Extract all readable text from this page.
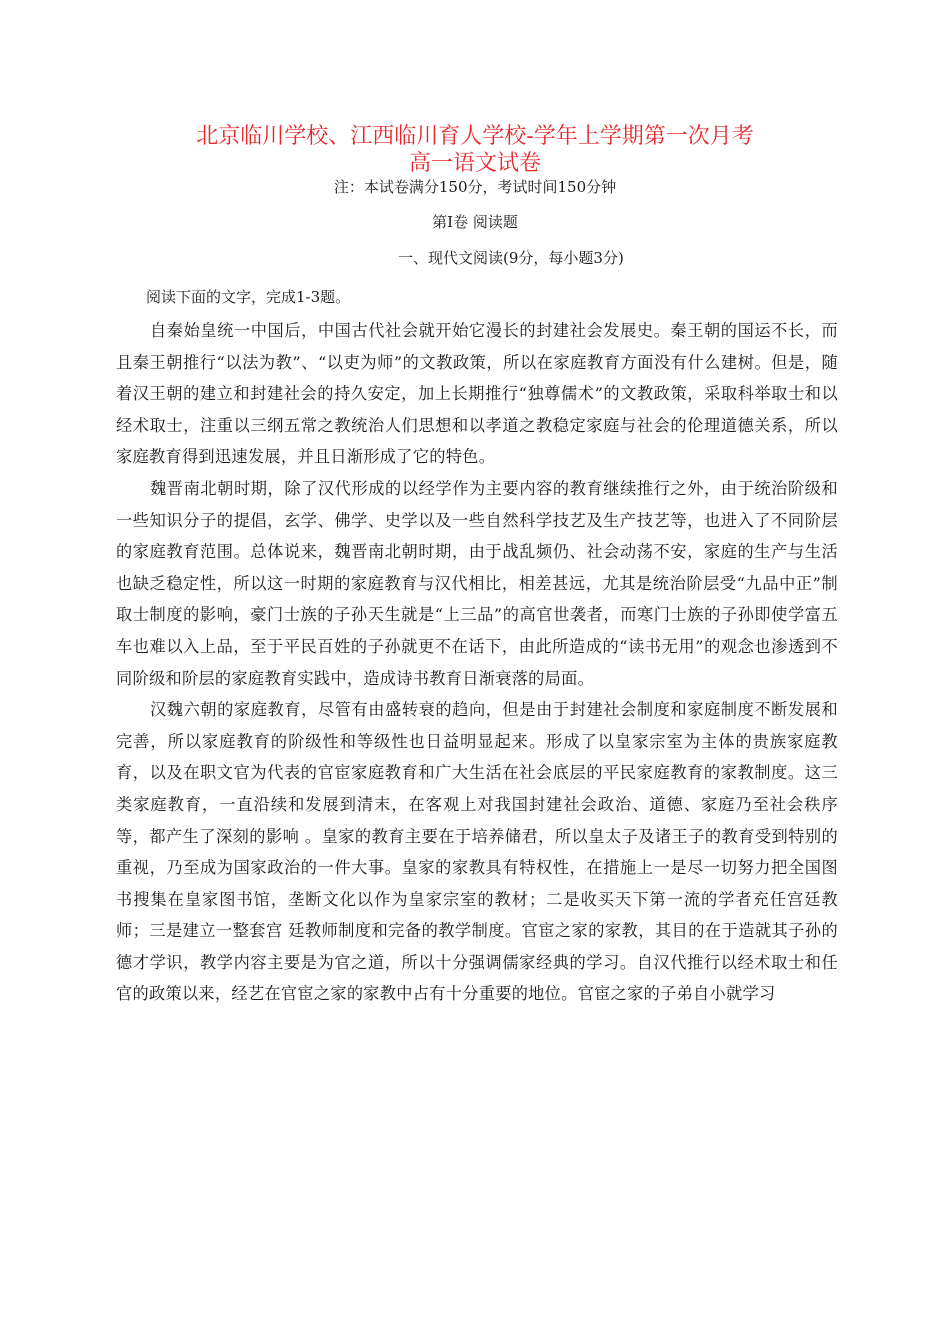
北京临川学校、江西临川育人学校-学年上学期第一次月考
高一语文试卷
注：本试卷满分150分，考试时间150分钟
第Ⅰ卷 阅读题
一、现代文阅读(9分，每小题3分)
阅读下面的文字，完成1-3题。

自秦始皇统一中国后，中国古代社会就开始它漫长的封建社会发展史。秦王朝的国运不长，而且秦王朝推行“以法为教”、“以吏为师”的文教政策，所以在家庭教育方面没有什么建树。但是，随着汉王朝的建立和封建社会的持久安定，加上长期推行“独尊儒术”的文教政策，采取科举取士和以经术取士，注重以三纲五常之教统治人们思想和以孝道之教稳定家庭与社会的伦理道德关系，所以家庭教育得到迅速发展，并且日渐形成了它的特色。

魏晋南北朝时期，除了汉代形成的以经学作为主要内容的教育继续推行之外，由于统治阶级和一些知识分子的提倡，玄学、佛学、史学以及一些自然科学技艺及生产技艺等，也进入了不同阶层的家庭教育范围。总体说来，魏晋南北朝时期，由于战乱频仍、社会动荡不安，家庭的生产与生活也缺乏稳定性，所以这一时期的家庭教育与汉代相比，相差甚远，尤其是统治阶层受“九品中正”制取士制度的影响，豪门士族的子孙天生就是“上三品”的高官世袭者，而寒门士族的子孙即使学富五车也难以入上品，至于平民百姓的子孙就更不在话下，由此所造成的“读书无用”的观念也渗透到不同阶级和阶层的家庭教育实践中，造成诗书教育日渐衰落的局面。

汉魏六朝的家庭教育，尽管有由盛转衰的趋向，但是由于封建社会制度和家庭制度不断发展和完善，所以家庭教育的阶级性和等级性也日益明显起来。形成了以皇家宗室为主体的贵族家庭教育，以及在职文官为代表的官宦家庭教育和广大生活在社会底层的平民家庭教育的家教制度。这三类家庭教育，一直沿续和发展到清末，在客观上对我国封建社会政治、道德、家庭乃至社会秩序等，都产生了深刻的影响 。皇家的教育主要在于培养储君，所以皇太子及诸王子的教育受到特别的重视，乃至成为国家政治的一件大事。皇家的家教具有特权性，在措施上一是尽一切努力把全国图书搜集在皇家图书馆，垄断文化以作为皇家宗室的教材；二是收买天下第一流的学者充任宫廷教师；三是建立一整套宫 廷教师制度和完备的教学制度。官宦之家的家教，其目的在于造就其子孙的德才学识，教学内容主要是为官之道，所以十分强调儒家经典的学习。自汉代推行以经术取士和任官的政策以来，经艺在官宦之家的家教中占有十分重要的地位。官宦之家的子弟自小就学习
